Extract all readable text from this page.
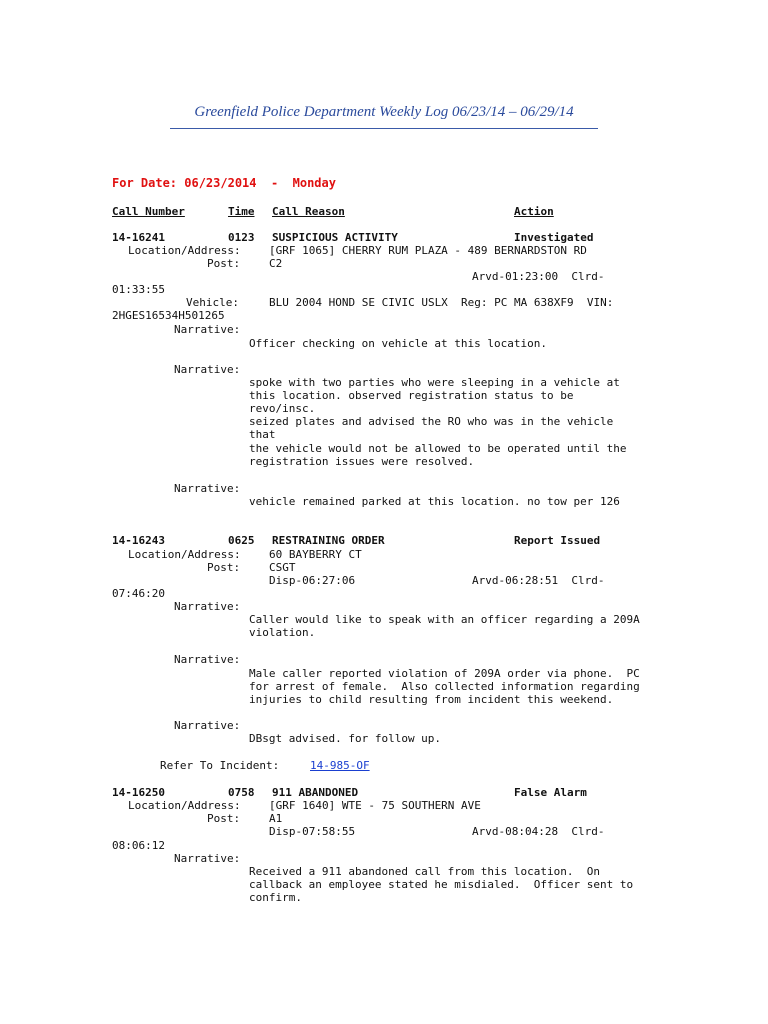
Greenfield Police Department Weekly Log 06/23/14 – 06/29/14
For Date: 06/23/2014  -  Monday
Call Number	Time Call Reason	Action
14-16241	0123 SUSPICIOUS ACTIVITY	Investigated
Location/Address:	[GRF 1065] CHERRY RUM PLAZA - 489 BERNARDSTON RD
Post:	C2
Arvd-01:23:00  Clrd-
01:33:55
Vehicle:	BLU 2004 HOND SE CIVIC USLX  Reg: PC MA 638XF9  VIN:
2HGES16534H501265
Narrative:
Officer checking on vehicle at this location.
Narrative:
spoke with two parties who were sleeping in a vehicle at
this location. observed registration status to be
revo/insc.
seized plates and advised the RO who was in the vehicle
that
the vehicle would not be allowed to be operated until the
registration issues were resolved.
Narrative:
vehicle remained parked at this location. no tow per 126
14-16243	0625 RESTRAINING ORDER	Report Issued
Location/Address:	60 BAYBERRY CT
Post:	CSGT
Disp-06:27:06	Arvd-06:28:51  Clrd-
07:46:20
Narrative:
Caller would like to speak with an officer regarding a 209A
violation.
Narrative:
Male caller reported violation of 209A order via phone.  PC
for arrest of female.  Also collected information regarding
injuries to child resulting from incident this weekend.
Narrative:
DBsgt advised. for follow up.
Refer To Incident:	14-985-OF
14-16250	0758 911 ABANDONED	False Alarm
Location/Address:	[GRF 1640] WTE - 75 SOUTHERN AVE
Post:	A1
Disp-07:58:55	Arvd-08:04:28  Clrd-
08:06:12
Narrative:
Received a 911 abandoned call from this location.  On
callback an employee stated he misdialed.  Officer sent to
confirm.
